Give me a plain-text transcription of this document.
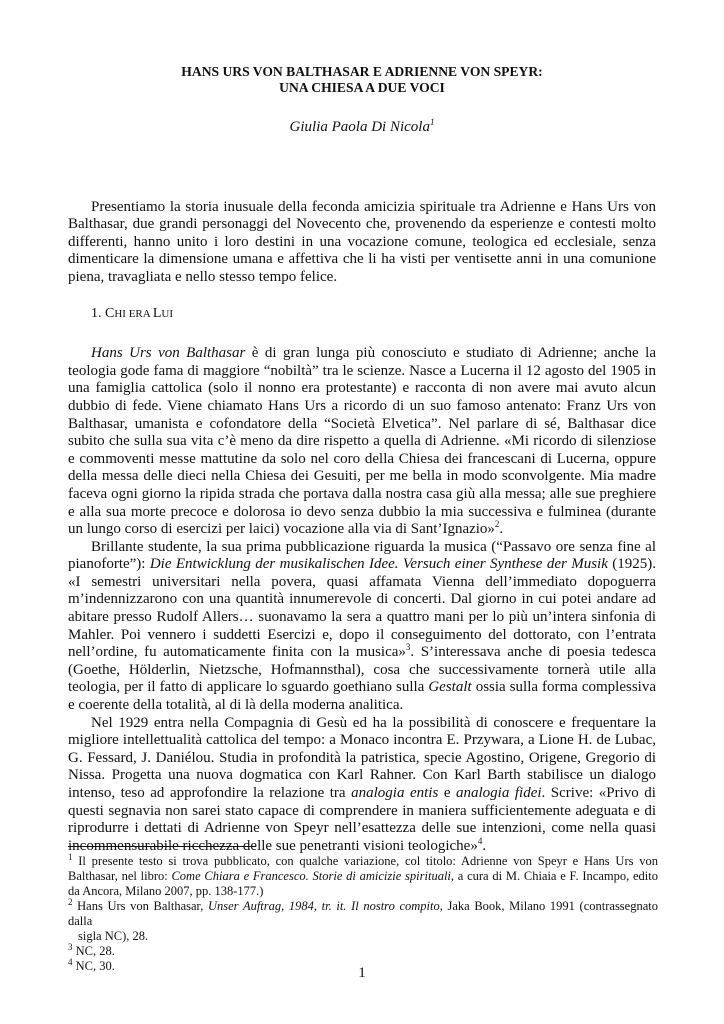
HANS URS VON BALTHASAR E ADRIENNE VON SPEYR:
UNA CHIESA A DUE VOCI
Giulia Paola Di Nicola$^1$

Presentiamo la storia inusuale della feconda amicizia spirituale tra Adrienne e Hans Urs von Balthasar, due grandi personaggi del Novecento che, provenendo da esperienze e contesti molto differenti, hanno unito i loro destini in una vocazione comune, teologica ed ecclesiale, senza dimenticare la dimensione umana e affettiva che li ha visti per ventisette anni in una comunione piena, travagliata e nello stesso tempo felice.

1. CHI ERA LUI

Hans Urs von Balthasar è di gran lunga più conosciuto e studiato di Adrienne; anche la teologia gode fama di maggiore “nobiltà” tra le scienze. Nasce a Lucerna il 12 agosto del 1905 in una famiglia cattolica (solo il nonno era protestante) e racconta di non avere mai avuto alcun dubbio di fede. Viene chiamato Hans Urs a ricordo di un suo famoso antenato: Franz Urs von Balthasar, umanista e cofondatore della “Società Elvetica”. Nel parlare di sé, Balthasar dice subito che sulla sua vita c’è meno da dire rispetto a quella di Adrienne. «Mi ricordo di silenziose e commoventi messe mattutine da solo nel coro della Chiesa dei francescani di Lucerna, oppure della messa delle dieci nella Chiesa dei Gesuiti, per me bella in modo sconvolgente. Mia madre faceva ogni giorno la ripida strada che portava dalla nostra casa giù alla messa; alle sue preghiere e alla sua morte precoce e dolorosa io devo senza dubbio la mia successiva e fulminea (durante un lungo corso di esercizi per laici) vocazione alla via di Sant’Ignazio»$^2$.

Brillante studente, la sua prima pubblicazione riguarda la musica (“Passavo ore senza fine al pianoforte”): Die Entwicklung der musikalischen Idee. Versuch einer Synthese der Musik (1925). «I semestri universitari nella povera, quasi affamata Vienna dell’immediato dopoguerra m’indennizzarono con una quantità innumerevole di concerti. Dal giorno in cui potei andare ad abitare presso Rudolf Allers… suonavamo la sera a quattro mani per lo più un’intera sinfonia di Mahler. Poi vennero i suddetti Esercizi e, dopo il conseguimento del dottorato, con l’entrata nell’ordine, fu automaticamente finita con la musica»$^3$. S’interessava anche di poesia tedesca (Goethe, Hölderlin, Nietzsche, Hofmannsthal), cosa che successivamente tornerà utile alla teologia, per il fatto di applicare lo sguardo goethiano sulla Gestalt ossia sulla forma complessiva e coerente della totalità, al di là della moderna analitica.

Nel 1929 entra nella Compagnia di Gesù ed ha la possibilità di conoscere e frequentare la migliore intellettualità cattolica del tempo: a Monaco incontra E. Przywara, a Lione H. de Lubac, G. Fessard, J. Daniélou. Studia in profondità la patristica, specie Agostino, Origene, Gregorio di Nissa. Progetta una nuova dogmatica con Karl Rahner. Con Karl Barth stabilisce un dialogo intenso, teso ad approfondire la relazione tra analogia entis e analogia fidei. Scrive: «Privo di questi segnavia non sarei stato capace di comprendere in maniera sufficientemente adeguata e di riprodurre i dettati di Adrienne von Speyr nell’esattezza delle sue intenzioni, come nella quasi incommensurabile ricchezza delle sue penetranti visioni teologiche»$^4$.

$^1$ Il presente testo si trova pubblicato, con qualche variazione, col titolo: Adrienne von Speyr e Hans Urs von Balthasar, nel libro: Come Chiara e Francesco. Storie di amicizie spirituali, a cura di M. Chiaia e F. Incampo, edito da Ancora, Milano 2007, pp. 138-177.)

$^2$ Hans Urs von Balthasar, Unser Auftrag, 1984, tr. it. Il nostro compito, Jaka Book, Milano 1991 (contrassegnato dalla
sigla NC), 28.

$^3$ NC, 28.

$^4$ NC, 30.	1
